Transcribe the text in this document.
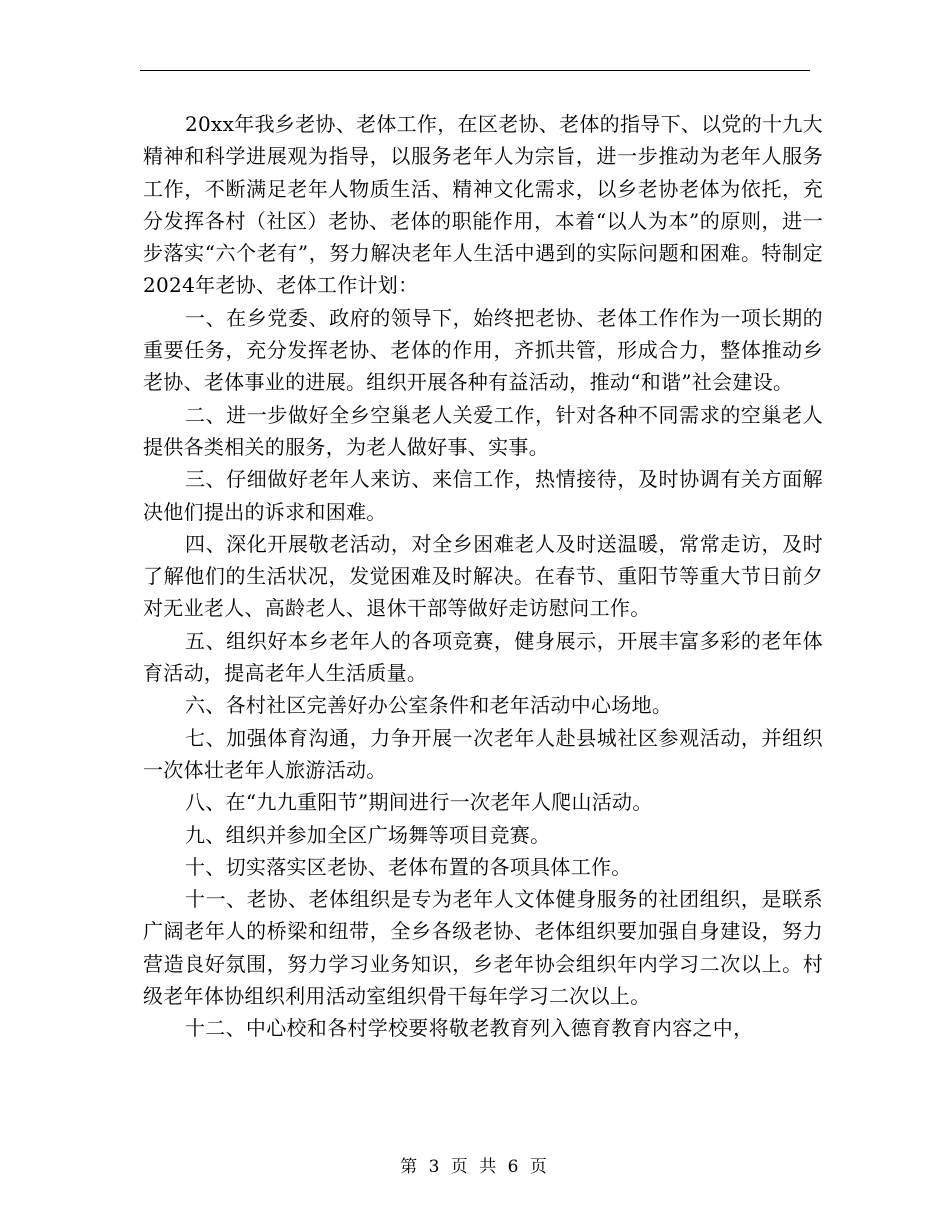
20xx年我乡老协、老体工作，在区老协、老体的指导下、以党的十九大精神和科学进展观为指导，以服务老年人为宗旨，进一步推动为老年人服务工作，不断满足老年人物质生活、精神文化需求，以乡老协老体为依托，充分发挥各村（社区）老协、老体的职能作用，本着“以人为本”的原则，进一步落实“六个老有”，努力解决老年人生活中遇到的实际问题和困难。特制定2024年老协、老体工作计划：

一、在乡党委、政府的领导下，始终把老协、老体工作作为一项长期的重要任务，充分发挥老协、老体的作用，齐抓共管，形成合力，整体推动乡老协、老体事业的进展。组织开展各种有益活动，推动“和谐”社会建设。

二、进一步做好全乡空巢老人关爱工作，针对各种不同需求的空巢老人提供各类相关的服务，为老人做好事、实事。

三、仔细做好老年人来访、来信工作，热情接待，及时协调有关方面解决他们提出的诉求和困难。

四、深化开展敬老活动，对全乡困难老人及时送温暖，常常走访，及时了解他们的生活状况，发觉困难及时解决。在春节、重阳节等重大节日前夕对无业老人、高龄老人、退休干部等做好走访慰问工作。

五、组织好本乡老年人的各项竞赛，健身展示，开展丰富多彩的老年体育活动，提高老年人生活质量。

六、各村社区完善好办公室条件和老年活动中心场地。

七、加强体育沟通，力争开展一次老年人赴县城社区参观活动，并组织一次体壮老年人旅游活动。

八、在“九九重阳节”期间进行一次老年人爬山活动。

九、组织并参加全区广场舞等项目竞赛。

十、切实落实区老协、老体布置的各项具体工作。

十一、老协、老体组织是专为老年人文体健身服务的社团组织，是联系广阔老年人的桥梁和纽带，全乡各级老协、老体组织要加强自身建设，努力营造良好氛围，努力学习业务知识，乡老年协会组织年内学习二次以上。村级老年体协组织利用活动室组织骨干每年学习二次以上。

十二、中心校和各村学校要将敬老教育列入德育教育内容之中，

第 3 页 共 6 页
